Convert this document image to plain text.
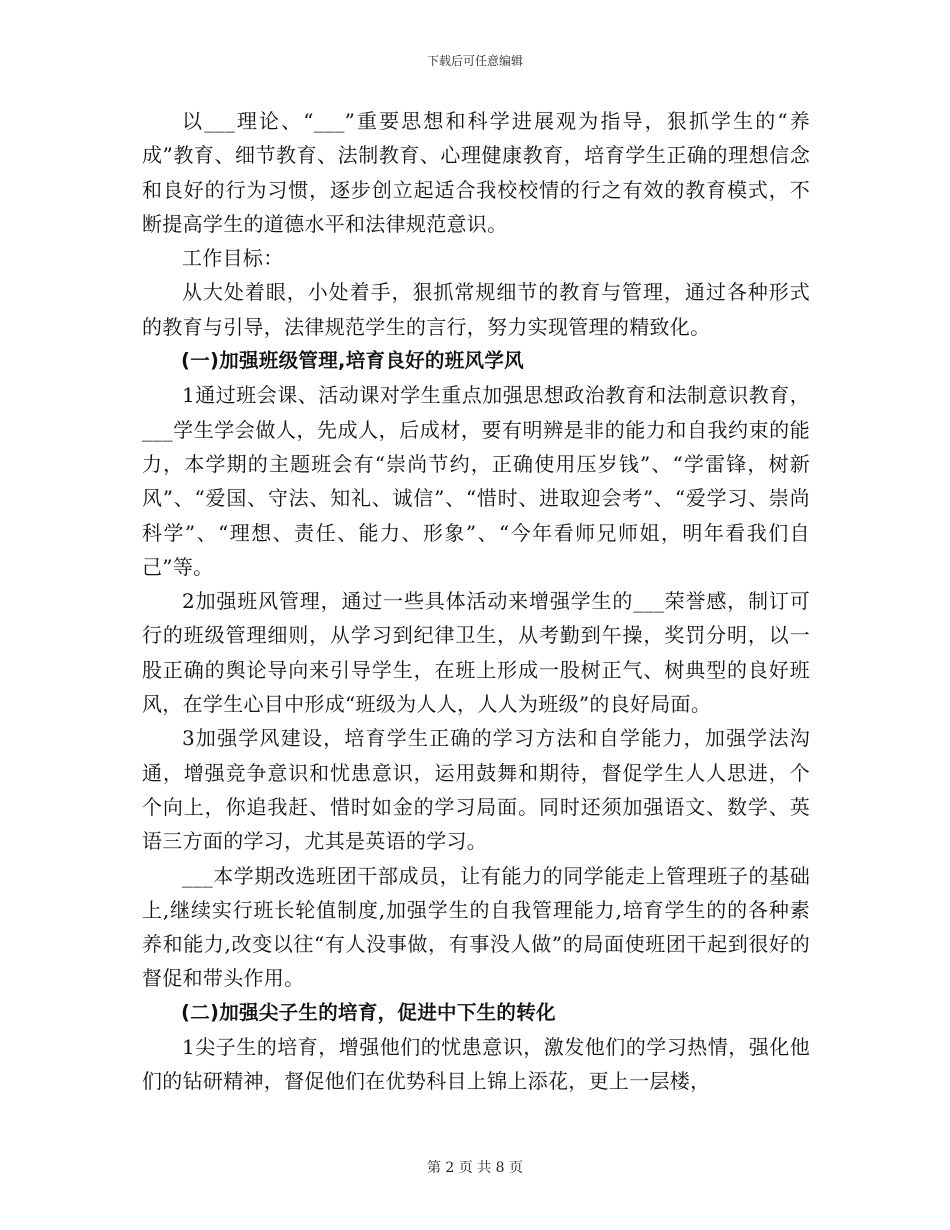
下载后可任意编辑

以___理论、“___”重要思想和科学进展观为指导，狠抓学生的“养成”教育、细节教育、法制教育、心理健康教育，培育学生正确的理想信念和良好的行为习惯，逐步创立起适合我校校情的行之有效的教育模式，不断提高学生的道德水平和法律规范意识。

工作目标：

从大处着眼，小处着手，狠抓常规细节的教育与管理，通过各种形式的教育与引导，法律规范学生的言行，努力实现管理的精致化。

(一)加强班级管理,培育良好的班风学风

1通过班会课、活动课对学生重点加强思想政治教育和法制意识教育，___学生学会做人，先成人，后成材，要有明辨是非的能力和自我约束的能力，本学期的主题班会有“崇尚节约，正确使用压岁钱”、“学雷锋，树新风”、“爱国、守法、知礼、诚信”、“惜时、进取迎会考”、“爱学习、崇尚科学”、“理想、责任、能力、形象”、“今年看师兄师姐，明年看我们自己”等。

2加强班风管理，通过一些具体活动来增强学生的___荣誉感，制订可行的班级管理细则，从学习到纪律卫生，从考勤到午操，奖罚分明，以一股正确的舆论导向来引导学生，在班上形成一股树正气、树典型的良好班风，在学生心目中形成“班级为人人，人人为班级”的良好局面。

3加强学风建设，培育学生正确的学习方法和自学能力，加强学法沟通，增强竞争意识和忧患意识，运用鼓舞和期待，督促学生人人思进，个个向上，你追我赶、惜时如金的学习局面。同时还须加强语文、数学、英语三方面的学习，尤其是英语的学习。

___本学期改选班团干部成员，让有能力的同学能走上管理班子的基础上,继续实行班长轮值制度,加强学生的自我管理能力,培育学生的的各种素养和能力,改变以往“有人没事做，有事没人做”的局面使班团干起到很好的督促和带头作用。

(二)加强尖子生的培育，促进中下生的转化

1尖子生的培育，增强他们的忧患意识，激发他们的学习热情，强化他们的钻研精神，督促他们在优势科目上锦上添花，更上一层楼，

第 2 页 共 8 页
